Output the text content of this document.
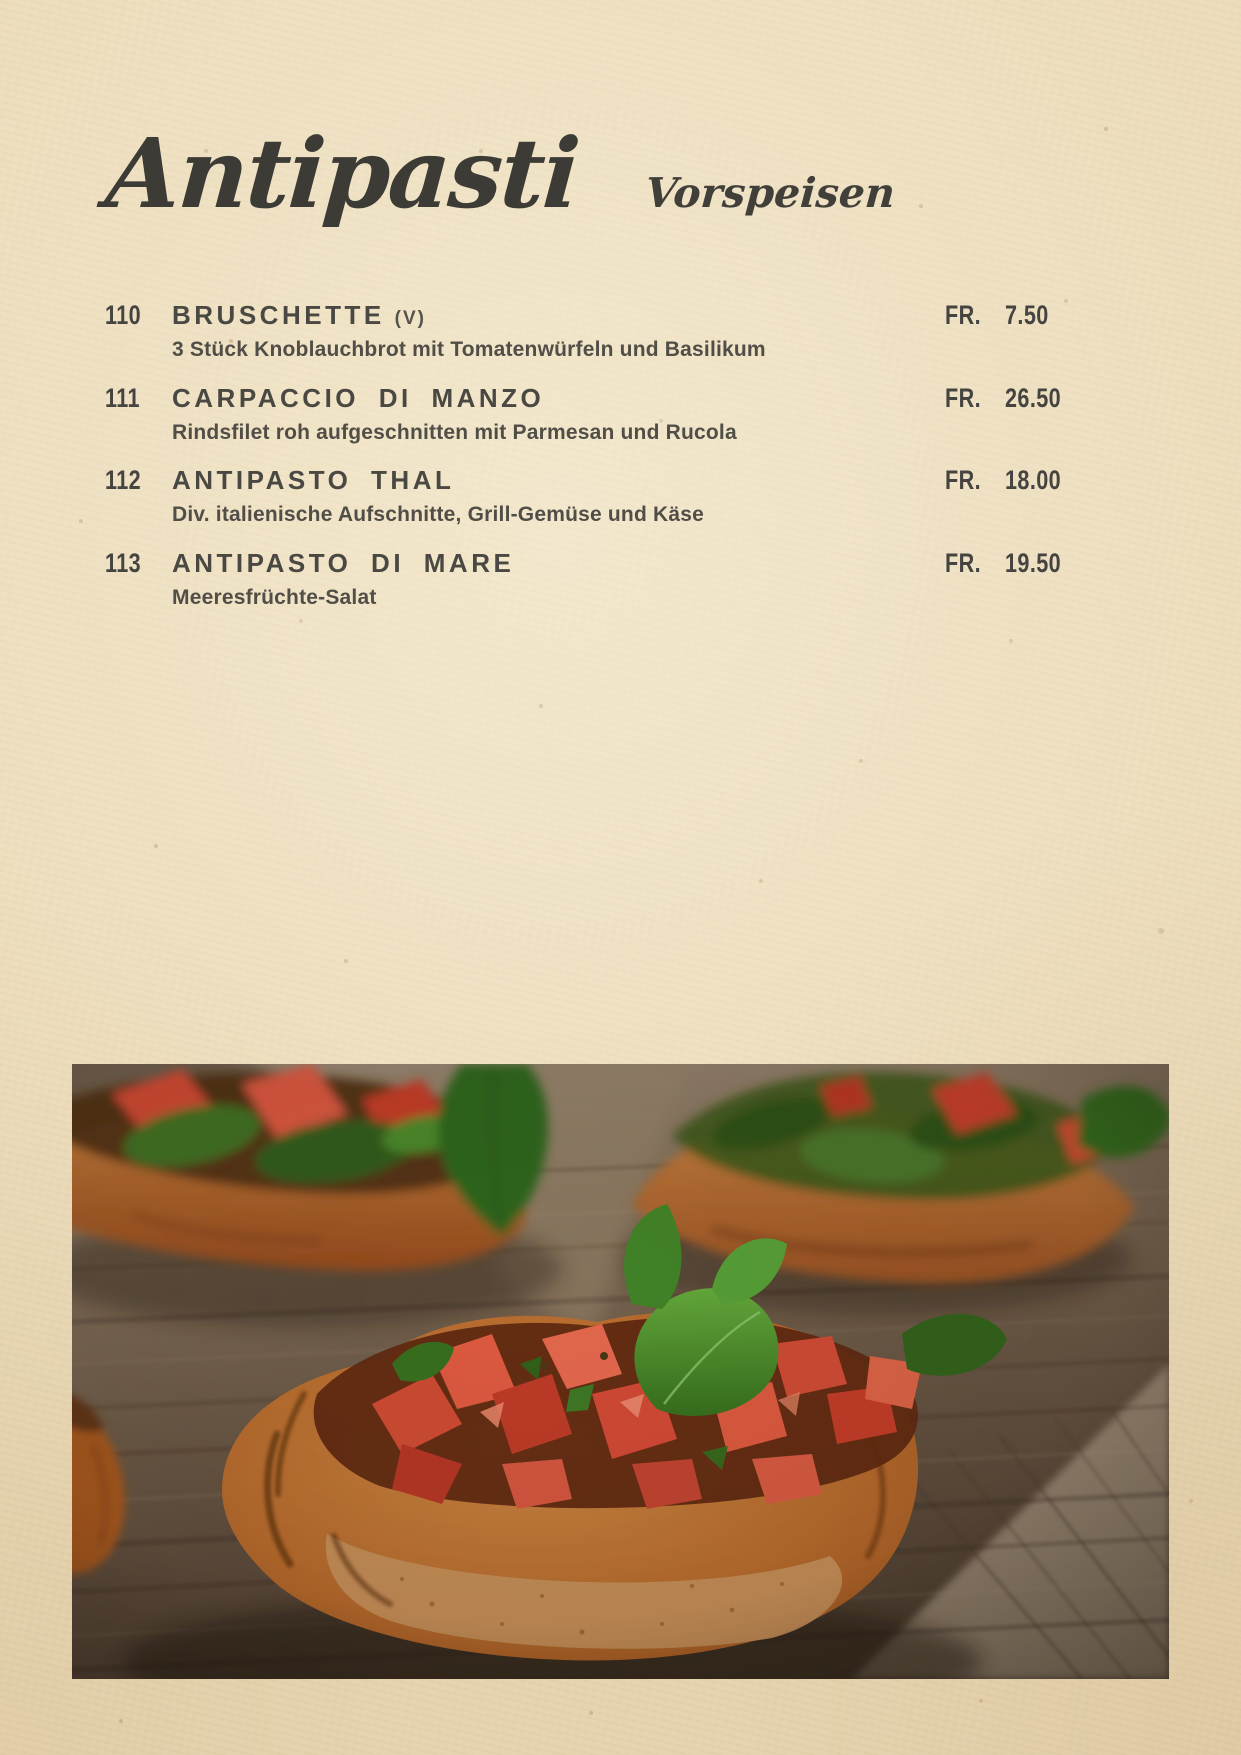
Antipasti Vorspeisen
110	BRUSCHETTE (V)
3 Stück Knoblauchbrot mit Tomatenwürfeln und Basilikum
FR. 7.50
111	CARPACCIO DI MANZO
Rindsfilet roh aufgeschnitten mit Parmesan und Rucola
FR. 26.50
112	ANTIPASTO THAL
Div. italienische Aufschnitte, Grill-Gemüse und Käse
FR. 18.00
113	ANTIPASTO DI MARE
Meeresfrüchte-Salat
FR. 19.50
